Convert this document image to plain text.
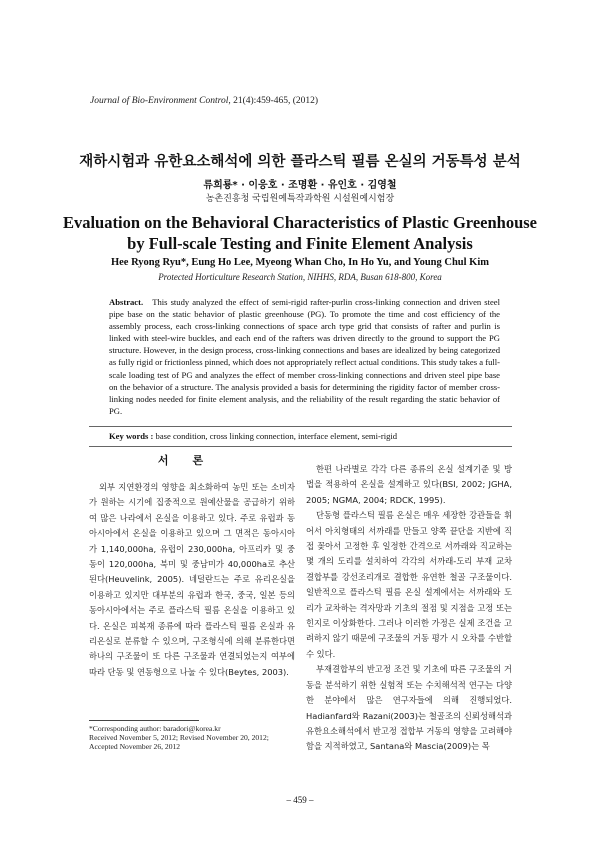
Journal of Bio-Environment Control, 21(4):459-465, (2012)
재하시험과 유한요소해석에 의한 플라스틱 필름 온실의 거동특성 분석
류희룡* · 이응호 · 조명환 · 유인호 · 김영철
농촌진흥청 국립원예특작과학원 시설원예시험장
Evaluation on the Behavioral Characteristics of Plastic Greenhouse by Full-scale Testing and Finite Element Analysis
Hee Ryong Ryu*, Eung Ho Lee, Myeong Whan Cho, In Ho Yu, and Young Chul Kim
Protected Horticulture Research Station, NIHHS, RDA, Busan 618-800, Korea
Abstract. This study analyzed the effect of semi-rigid rafter-purlin cross-linking connection and driven steel pipe base on the static behavior of plastic greenhouse (PG). To promote the time and cost efficiency of the assembly process, each cross-linking connections of space arch type grid that consists of rafter and purlin is linked with steel-wire buckles, and each end of the rafters was driven directly to the ground to support the PG structure. However, in the design process, cross-linking connections and bases are idealized by being categorized as fully rigid or frictionless pinned, which does not appropriately reflect actual conditions. This study takes a full-scale loading test of PG and analyzes the effect of member cross-linking connections and driven steel pipe base on the behavior of a structure. The analysis provided a basis for determining the rigidity factor of member cross-linking nodes needed for finite element analysis, and the reliability of the result regarding the static behavior of PG.
Key words : base condition, cross linking connection, interface element, semi-rigid
서론
외부 지연환경의 영향을 최소화하여 농민 또는 소비자가 원하는 시기에 집중적으로 원예산물을 공급하기 위하여 많은 나라에서 온실을 이용하고 있다. 주로 유럽과 동아시아에서 온실을 이용하고 있으며 그 면적은 동아시아가 1,140,000ha, 유럽이 230,000ha, 아프리카 및 중동이 120,000ha, 북미 및 중남미가 40,000ha로 추산된다(Heuvelink, 2005). 네덜란드는 주로 유리온실을 이용하고 있지만 대부분의 유럽과 한국, 중국, 일본 등의 동아시아에서는 주로 플라스틱 필름 온실을 이용하고 있다. 온실은 피복재 종류에 따라 플라스틱 필름 온실과 유리온실로 분류할 수 있으며, 구조형식에 의해 분류한다면 하나의 구조물이 또 다른 구조물과 연결되었는지 여부에 따라 단동 및 연동형으로 나눌 수 있다(Beytes, 2003).

한편 나라별로 각각 다른 종류의 온실 설계기준 및 방법을 적용하여 온실을 설계하고 있다(BSI, 2002; JGHA, 2005; NGMA, 2004; RDCK, 1995).

단동형 플라스틱 필름 온실은 매우 세장한 강관들을 휘어서 아치형태의 서까래를 만들고 양쪽 끝단을 지반에 직접 꽂아서 고정한 후 일정한 간격으로 서까래와 직교하는 몇 개의 도리를 설치하여 각각의 서까래-도리 부재 교차 결합부를 강선조리개로 결합한 유연한 철골 구조물이다. 일반적으로 플라스틱 필름 온실 설계에서는 서까래와 도리가 교차하는 격자망과 기초의 절점 및 지점을 고정 또는 힌지로 이상화한다. 그러나 이러한 가정은 실제 조건을 고려하지 않기 때문에 구조물의 거동 평가 시 오차를 수반할 수 있다.

부재결합부의 반고정 조건 및 기초에 따른 구조물의 거동을 분석하기 위한 실험적 또는 수치해석적 연구는 다양한 분야에서 많은 연구자들에 의해 진행되었다. Hadianfard와 Razani(2003)는 철골조의 신뢰성해석과 유한요소해석에서 반고정 접합부 거동의 영향을 고려해야 함을 지적하였고, Santana와 Mascia(2009)는 목

*Corresponding author: baradori@korea.kr
Received November 5, 2012; Revised November 20, 2012;
Accepted November 26, 2012
– 459 –
